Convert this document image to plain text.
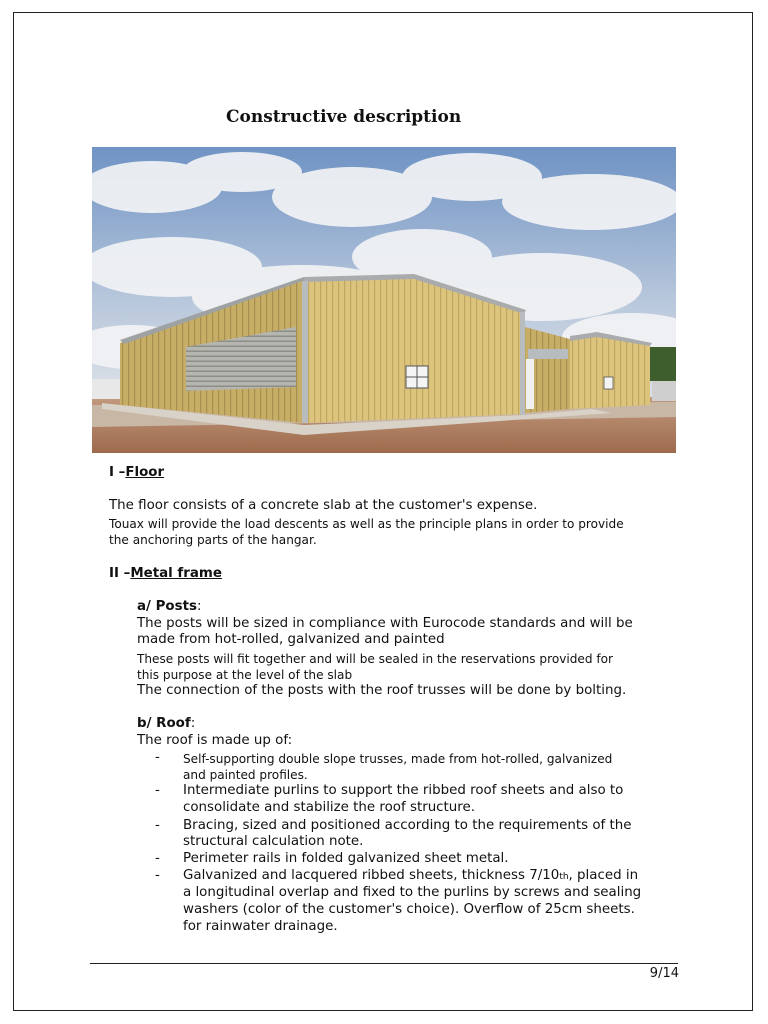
Constructive description
I –Floor
The floor consists of a concrete slab at the customer's expense.
Touax will provide the load descents as well as the principle plans in order to provide
the anchoring parts of the hangar.
II –Metal frame
a/ Posts:
The posts will be sized in compliance with Eurocode standards and will be
made from hot-rolled, galvanized and painted
These posts will fit together and will be sealed in the reservations provided for
this purpose at the level of the slab
The connection of the posts with the roof trusses will be done by bolting.
b/ Roof:
The roof is made up of:
- Self-supporting double slope trusses, made from hot-rolled, galvanized
and painted profiles.
- Intermediate purlins to support the ribbed roof sheets and also to
consolidate and stabilize the roof structure.
- Bracing, sized and positioned according to the requirements of the
structural calculation note.
- Perimeter rails in folded galvanized sheet metal.
- Galvanized and lacquered ribbed sheets, thickness 7/10th, placed in
a longitudinal overlap and fixed to the purlins by screws and sealing
washers (color of the customer's choice). Overflow of 25cm sheets.
for rainwater drainage.
9/14
